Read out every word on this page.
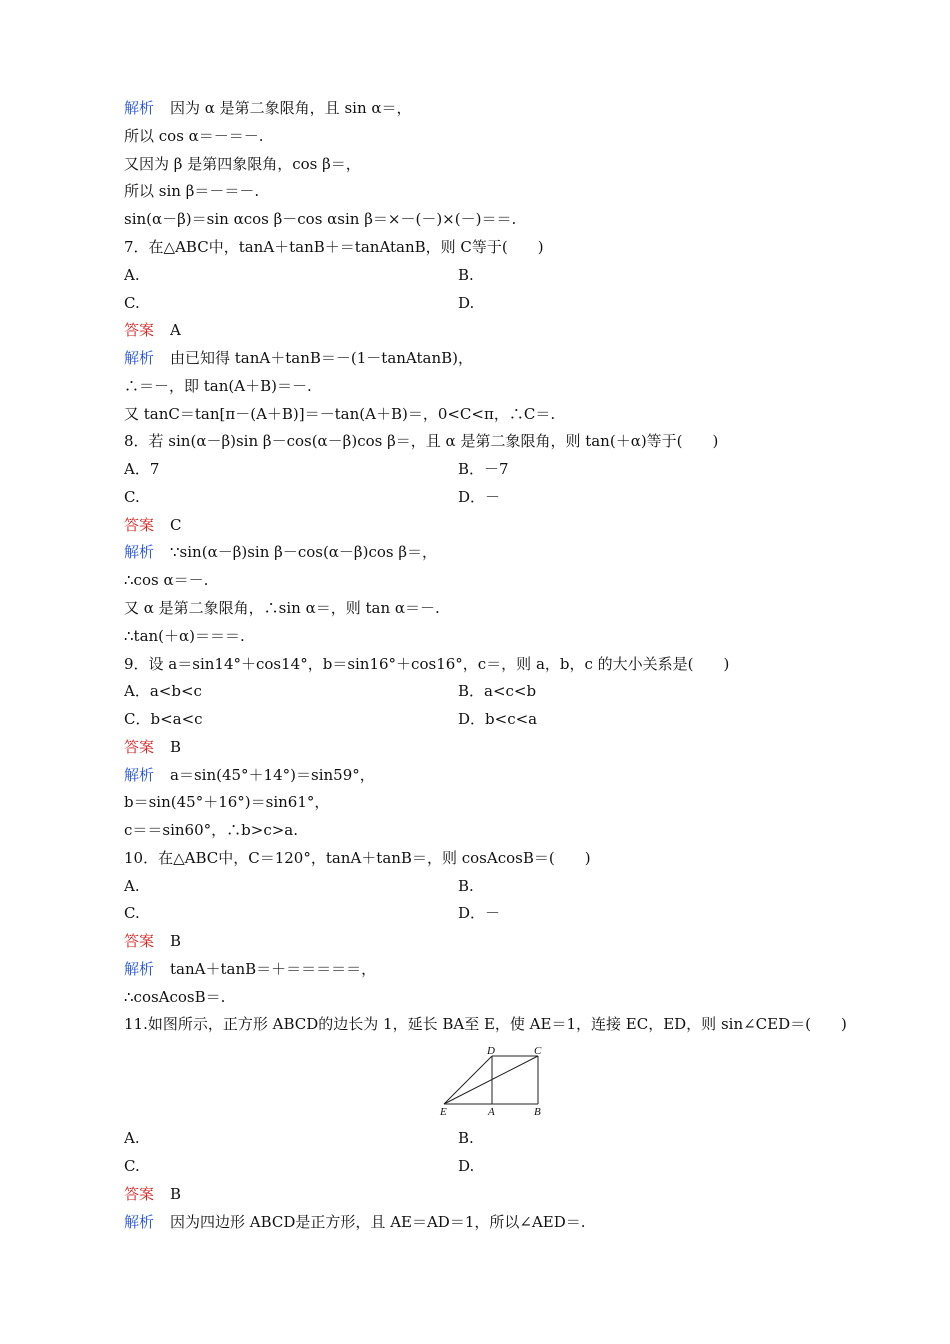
解析 因为 α 是第二象限角，且 sin α＝，
所以 cos α＝－＝－.
又因为 β 是第四象限角，cos β＝，
所以 sin β＝－＝－.
sin(α－β)＝sin αcos β－cos αsin β＝×－(－)×(－)＝＝.
7．在△ABC中，tanA＋tanB＋＝tanAtanB，则 C等于(　　)
A.	B.
C.	D.
答案 A
解析 由已知得 tanA＋tanB＝－(1－tanAtanB)，
∴＝－，即 tan(A＋B)＝－.
又 tanC＝tan[π－(A＋B)]＝－tan(A＋B)＝，0<C<π，∴C＝.
8．若 sin(α－β)sin β－cos(α－β)cos β＝，且 α 是第二象限角，则 tan(＋α)等于(　　)
A．7	B．－7
C.	D．－
答案 C
解析 ∵sin(α－β)sin β－cos(α－β)cos β＝，
∴cos α＝－.
又 α 是第二象限角，∴sin α＝，则 tan α＝－.
∴tan(＋α)＝＝＝.
9．设 a＝sin14°＋cos14°，b＝sin16°＋cos16°，c＝，则 a，b，c 的大小关系是(　　)
A．a<b<c	B．a<c<b
C．b<a<c	D．b<c<a
答案 B
解析 a＝sin(45°＋14°)＝sin59°，
b＝sin(45°＋16°)＝sin61°，
c＝＝sin60°，∴b>c>a.
10．在△ABC中，C＝120°，tanA＋tanB＝，则 cosAcosB＝(　　)
A.	B.
C.	D．－
答案 B
解析 tanA＋tanB＝＋＝＝＝＝＝，
∴cosAcosB＝.
11.如图所示，正方形 ABCD的边长为 1，延长 BA至 E，使 AE＝1，连接 EC，ED，则 sin∠CED＝(　　)
D	C
E	A	B
A.	B.
C.	D.
答案 B
解析 因为四边形 ABCD是正方形，且 AE＝AD＝1，所以∠AED＝.
